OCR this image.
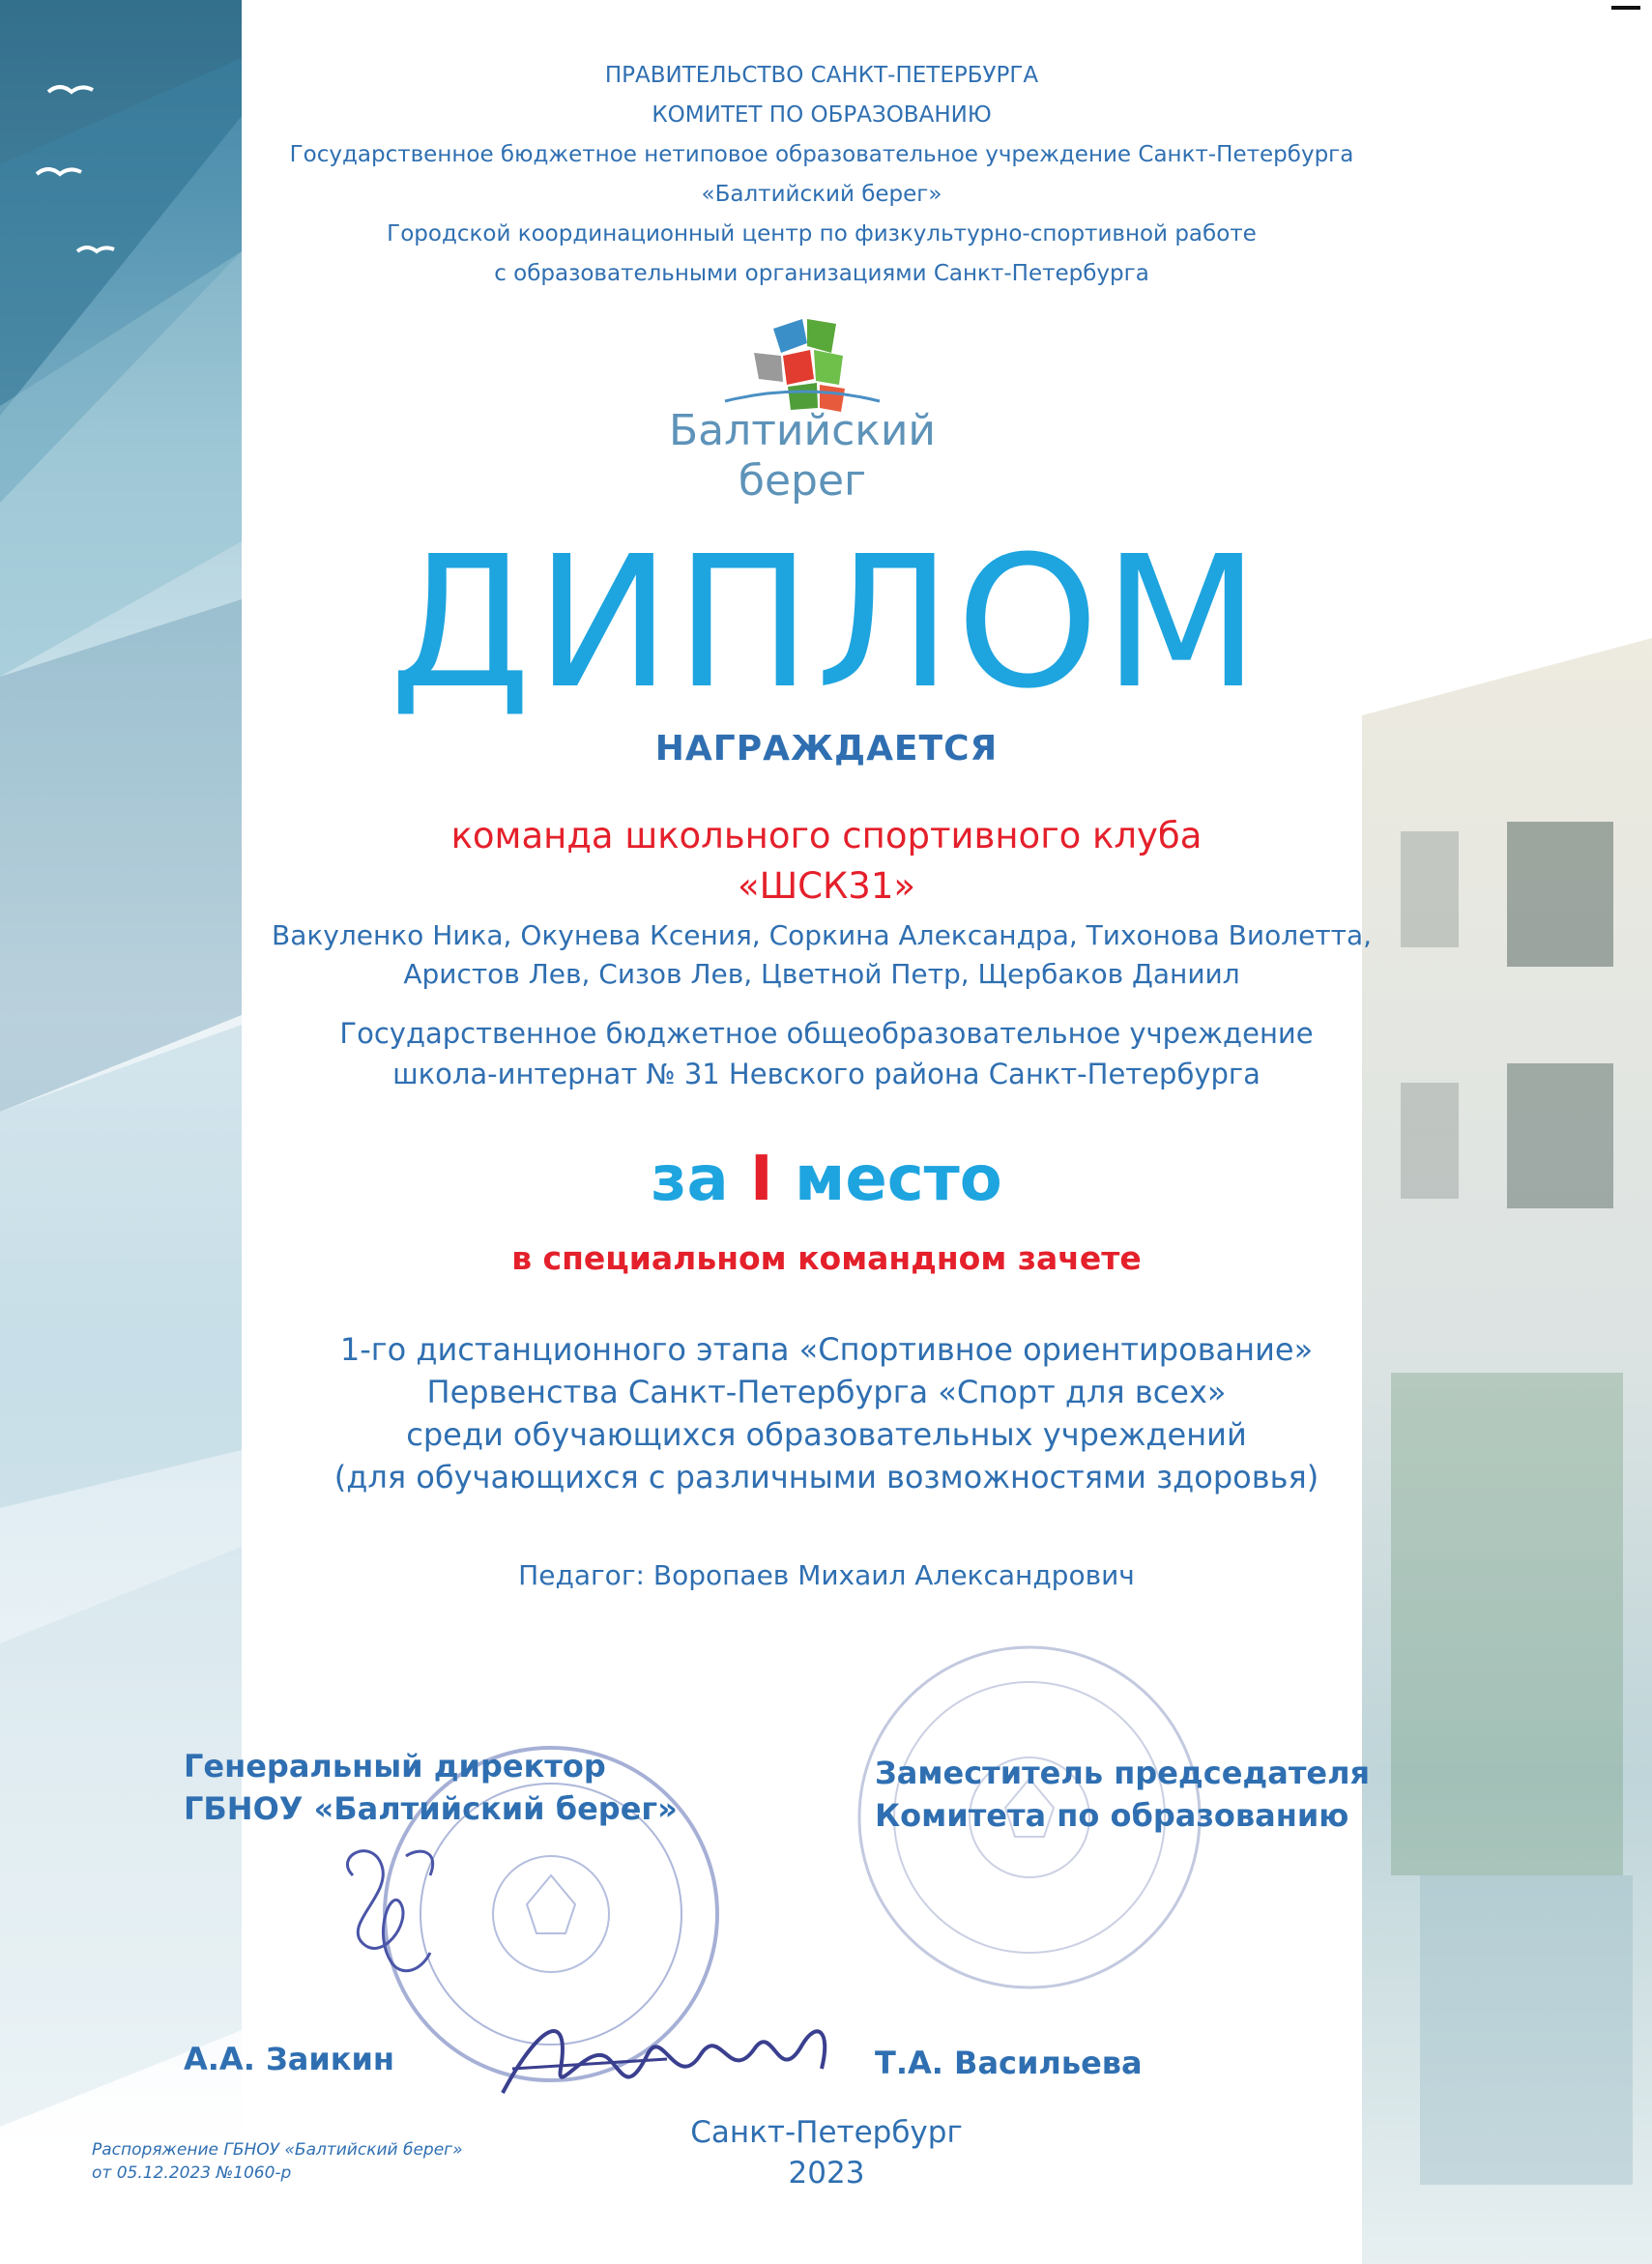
ПРАВИТЕЛЬСТВО САНКТ-ПЕТЕРБУРГА

КОМИТЕТ ПО ОБРАЗОВАНИЮ

Государственное бюджетное нетиповое образовательное учреждение Санкт-Петербурга

«Балтийский берег»

Городской координационный центр по физкультурно-спортивной работе

с образовательными организациями Санкт-Петербурга

Балтийский
берег
ДИПЛОМ
НАГРАЖДАЕТСЯ
команда школьного спортивного клуба
«ШСК31»
Вакуленко Ника, Окунева Ксения, Соркина Александра, Тихонова Виолетта,
Аристов Лев, Сизов Лев, Цветной Петр, Щербаков Даниил
Государственное бюджетное общеобразовательное учреждение
школа-интернат № 31 Невского района Санкт-Петербурга
за I место
в специальном командном зачете
1-го дистанционного этапа «Спортивное ориентирование»
Первенства Санкт-Петербурга «Спорт для всех»
среди обучающихся образовательных учреждений
(для обучающихся с различными возможностями здоровья)
Педагог: Воропаев Михаил Александрович
Генеральный директор
ГБНОУ «Балтийский берег»
Заместитель председателя
Комитета по образованию
А.А. Заикин	Т.А. Васильева
Санкт-Петербург
2023
Распоряжение ГБНОУ «Балтийский берег»
от 05.12.2023 №1060-р
